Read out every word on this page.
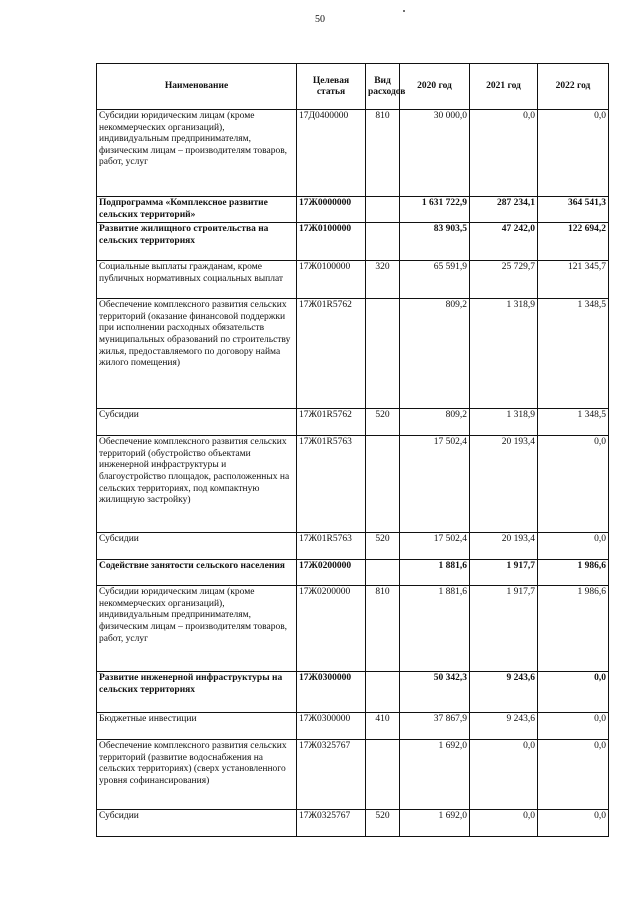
50
Наименование	Целевая статья	Вид расходов	2020 год	2021 год	2022 год
Субсидии юридическим лицам (кроме некоммерческих организаций), индивидуальным предпринимателям, физическим лицам – производителям товаров, работ, услуг	17Д0400000	810	30 000,0	0,0	0,0
Подпрограмма «Комплексное развитие сельских территорий»	17Ж0000000		1 631 722,9	287 234,1	364 541,3
Развитие жилищного строительства на сельских территориях	17Ж0100000		83 903,5	47 242,0	122 694,2
Социальные выплаты гражданам, кроме публичных нормативных социальных выплат	17Ж0100000	320	65 591,9	25 729,7	121 345,7
Обеспечение комплексного развития сельских территорий (оказание финансовой поддержки при исполнении расходных обязательств муниципальных образований по строительству жилья, предоставляемого по договору найма жилого помещения)	17Ж01R5762		809,2	1 318,9	1 348,5
Субсидии	17Ж01R5762	520	809,2	1 318,9	1 348,5
Обеспечение комплексного развития сельских территорий (обустройство объектами инженерной инфраструктуры и благоустройство площадок, расположенных на сельских территориях, под компактную жилищную застройку)	17Ж01R5763		17 502,4	20 193,4	0,0
Субсидии	17Ж01R5763	520	17 502,4	20 193,4	0,0
Содействие занятости сельского населения	17Ж0200000		1 881,6	1 917,7	1 986,6
Субсидии юридическим лицам (кроме некоммерческих организаций), индивидуальным предпринимателям, физическим лицам – производителям товаров, работ, услуг	17Ж0200000	810	1 881,6	1 917,7	1 986,6
Развитие инженерной инфраструктуры на сельских территориях	17Ж0300000		50 342,3	9 243,6	0,0
Бюджетные инвестиции	17Ж0300000	410	37 867,9	9 243,6	0,0
Обеспечение комплексного развития сельских территорий (развитие водоснабжения на сельских территориях) (сверх установленного уровня софинансирования)	17Ж0325767		1 692,0	0,0	0,0
Субсидии	17Ж0325767	520	1 692,0	0,0	0,0
